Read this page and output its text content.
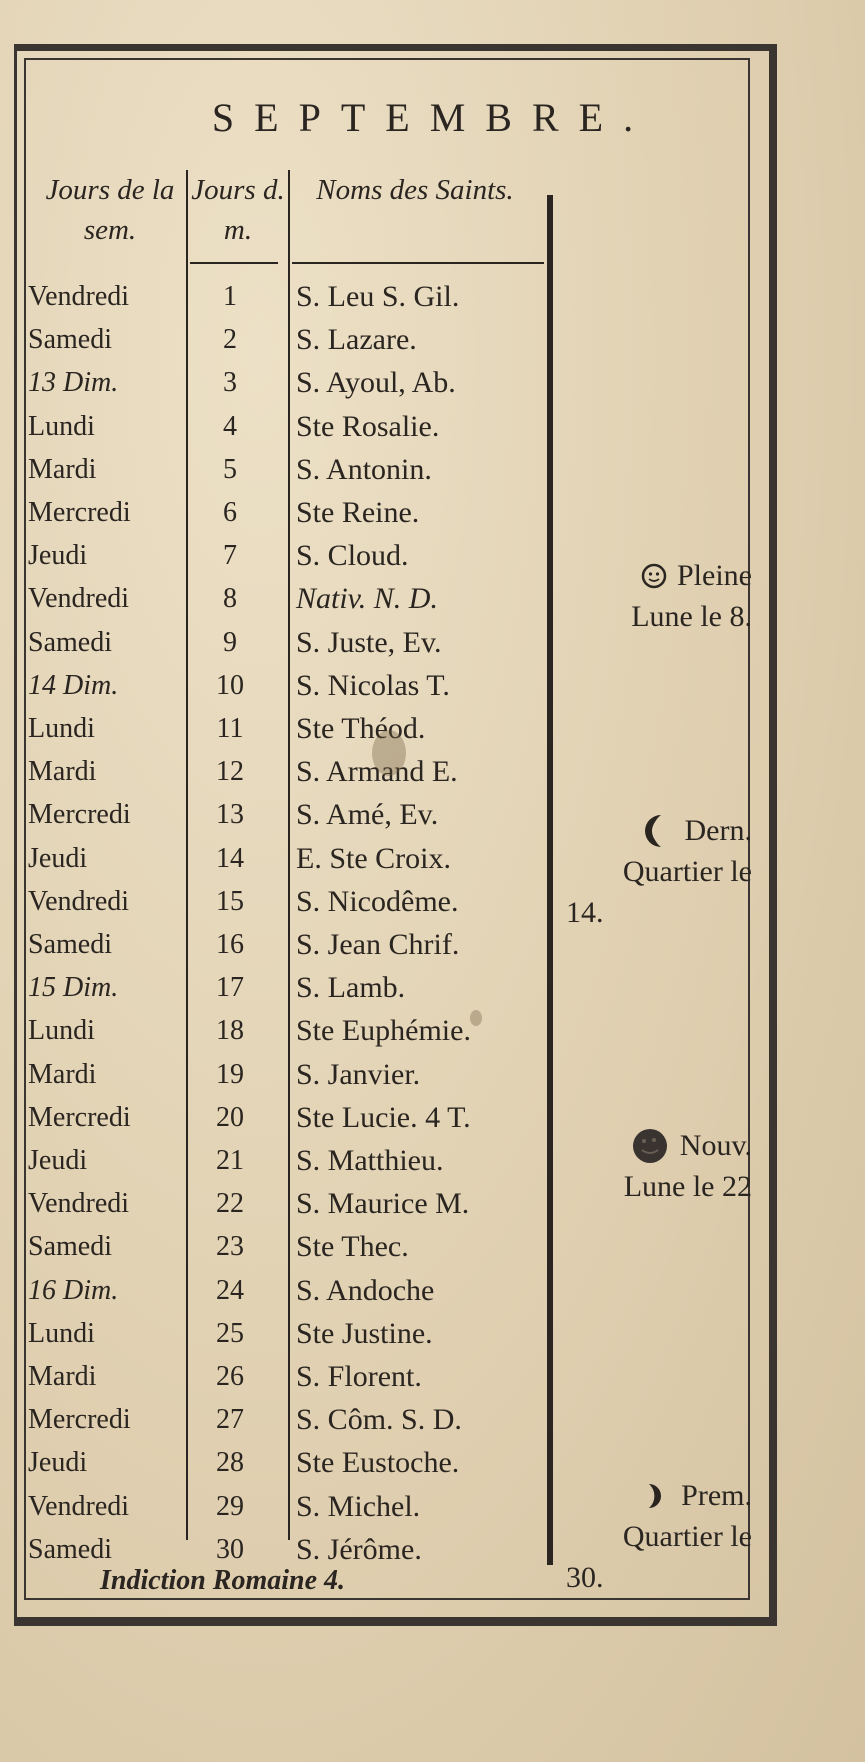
SEPTEMBRE.
Jours de la sem.
Jours d. m.
Noms des Saints.
Vendredi	1	S. Leu S. Gil.
Samedi	2	S. Lazare.
13 Dim.	3	S. Ayoul, Ab.
Lundi	4	Ste Rosalie.
Mardi	5	S. Antonin.
Mercredi	6	Ste Reine.
Jeudi	7	S. Cloud.
Vendredi	8	Nativ. N. D.
Samedi	9	S. Juste, Ev.
14 Dim.	10	S. Nicolas T.
Lundi	11	Ste Théod.
Mardi	12	S. Armand E.
Mercredi	13	S. Amé, Ev.
Jeudi	14	E. Ste Croix.
Vendredi	15	S. Nicodême.
Samedi	16	S. Jean Chrif.
15 Dim.	17	S. Lamb.
Lundi	18	Ste Euphémie.
Mardi	19	S. Janvier.
Mercredi	20	Ste Lucie. 4 T.
Jeudi	21	S. Matthieu.
Vendredi	22	S. Maurice M.
Samedi	23	Ste Thec.
16 Dim.	24	S. Andoche
Lundi	25	Ste Justine.
Mardi	26	S. Florent.
Mercredi	27	S. Côm. S. D.
Jeudi	28	Ste Eustoche.
Vendredi	29	S. Michel.
Samedi	30	S. Jérôme.
Pleine
Lune le 8.
Dern.
Quartier le
14.
Nouv.
Lune le 22
Prem.
Quartier le
30.
Indiction Romaine 4.
